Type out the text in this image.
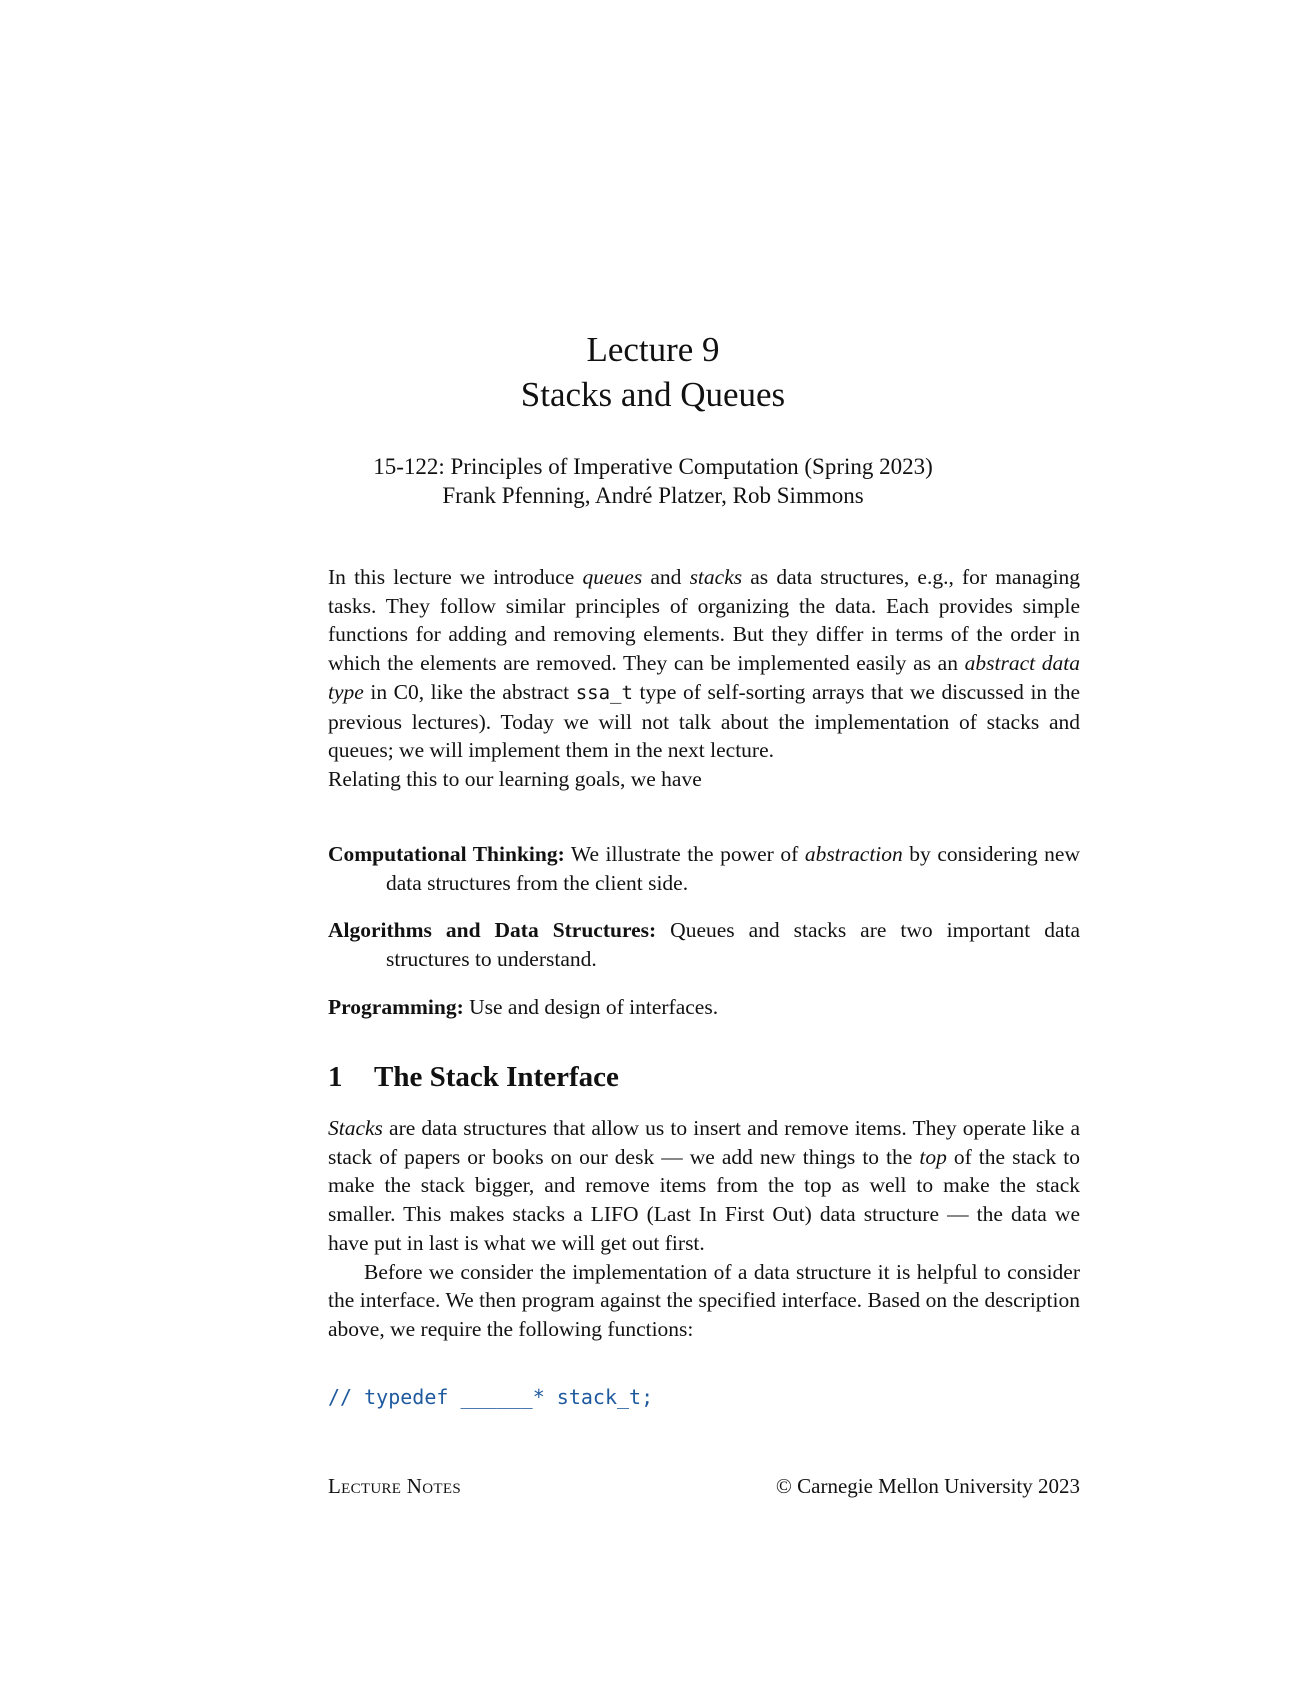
Lecture 9
Stacks and Queues
15-122: Principles of Imperative Computation (Spring 2023)
Frank Pfenning, André Platzer, Rob Simmons

In this lecture we introduce queues and stacks as data structures, e.g., for managing tasks. They follow similar principles of organizing the data. Each provides simple functions for adding and removing elements. But they differ in terms of the order in which the elements are removed. They can be implemented easily as an abstract data type in C0, like the abstract ssa_t type of self-sorting arrays that we discussed in the previous lectures). Today we will not talk about the implementation of stacks and queues; we will implement them in the next lecture.

Relating this to our learning goals, we have

Computational Thinking: We illustrate the power of abstraction by considering new data structures from the client side.

Algorithms and Data Structures: Queues and stacks are two important data structures to understand.

Programming: Use and design of interfaces.

1 The Stack Interface

Stacks are data structures that allow us to insert and remove items. They operate like a stack of papers or books on our desk — we add new things to the top of the stack to make the stack bigger, and remove items from the top as well to make the stack smaller. This makes stacks a LIFO (Last In First Out) data structure — the data we have put in last is what we will get out first.

Before we consider the implementation of a data structure it is helpful to consider the interface. We then program against the specified interface. Based on the description above, we require the following functions:

// typedef ______* stack_t;
Lecture Notes	© Carnegie Mellon University 2023
